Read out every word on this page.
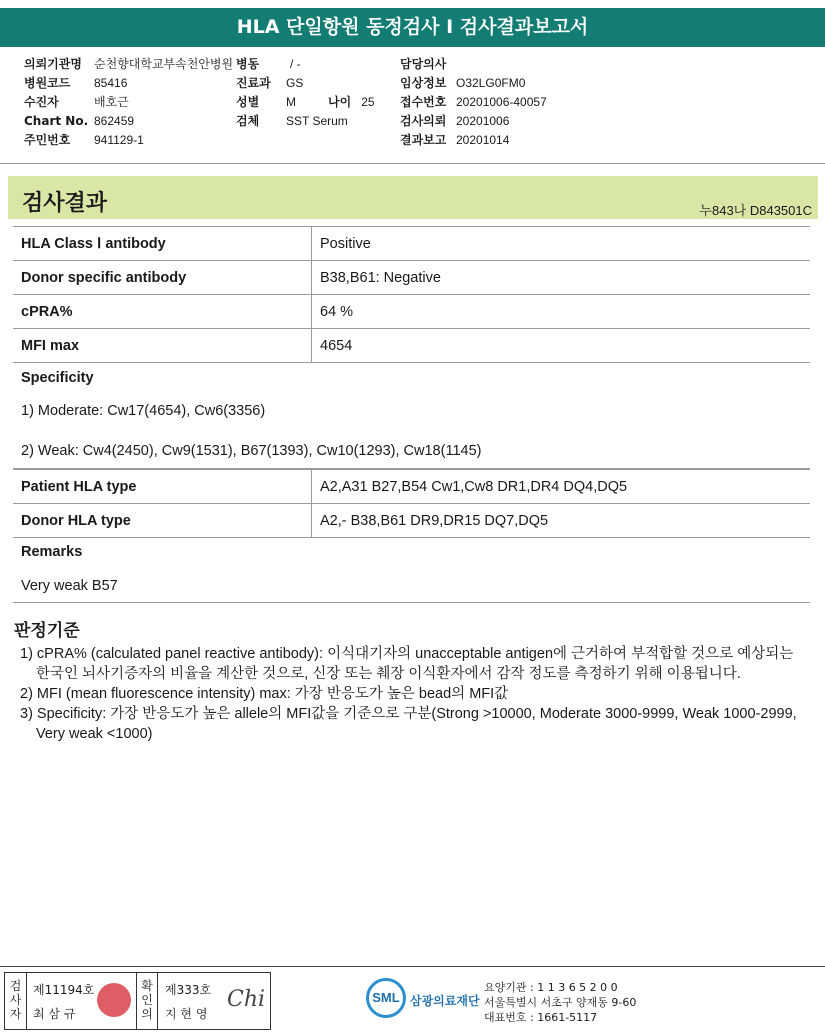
HLA 단일항원 동정검사 I 검사결과보고서
의뢰기관명 순천향대학교부속천안병원
병원코드 85416
수진자	배호근
Chart No. 862459
주민번호 941129-1
병동	/ -
진료과 GS
성별 M	나이 25
검체 SST Serum
담당의사
임상정보 O32LG0FM0
접수번호 20201006-40057
검사의뢰 20201006
결과보고 20201014
검사결과	누843나 D843501C
HLA Class Ⅰ antibody	Positive
Donor specific antibody	B38,B61: Negative
cPRA%	64 %
MFI max	4654
Specificity
1) Moderate: Cw17(4654), Cw6(3356)
2) Weak: Cw4(2450), Cw9(1531), B67(1393), Cw10(1293), Cw18(1145)
Patient HLA type	A2,A31 B27,B54 Cw1,Cw8 DR1,DR4 DQ4,DQ5
Donor HLA type	A2,- B38,B61 DR9,DR15 DQ7,DQ5
Remarks
Very weak B57
판정기준
1) cPRA% (calculated panel reactive antibody): 이식대기자의 unacceptable antigen에 근거하여 부적합할 것으로 예상되는 한국인 뇌사기증자의 비율을 계산한 것으로, 신장 또는 췌장 이식환자에서 감작 정도를 측정하기 위해 이용됩니다.
2) MFI (mean fluorescence intensity) max: 가장 반응도가 높은 bead의 MFI값
3) Specificity: 가장 반응도가 높은 allele의 MFI값을 기준으로 구분(Strong >10000, Moderate 3000-9999, Weak 1000-2999, Very weak <1000)
검사자
제11194호
최 삼 규
확인의
제333호
지 현 영
Chi	SML 삼광의료재단
요양기관 : 1 1 3 6 5 2 0 0
서울특별시 서초구 양재동 9-60
대표번호 : 1661-5117
